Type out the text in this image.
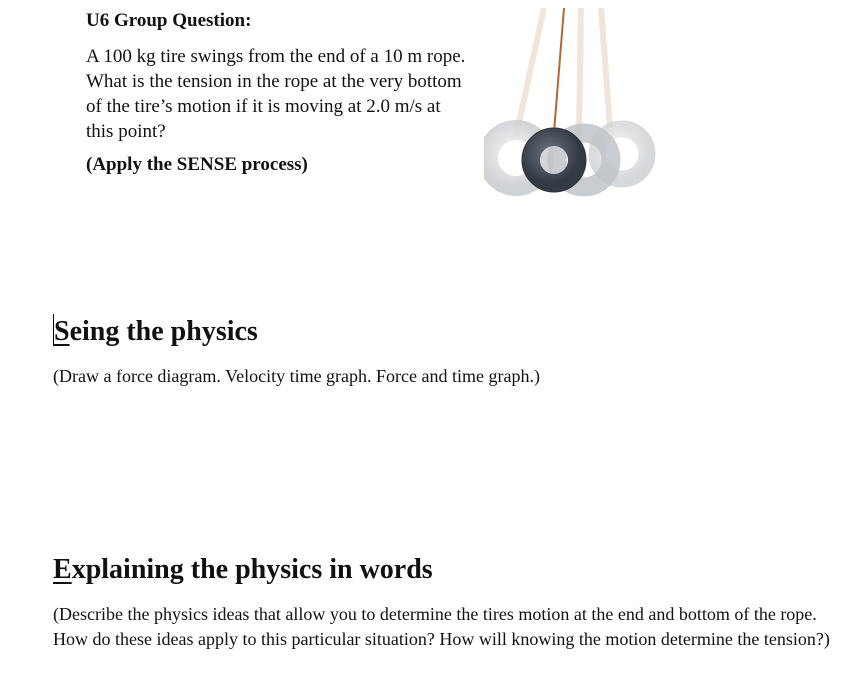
U6 Group Question:

A 100 kg tire swings from the end of a 10 m rope. What is the tension in the rope at the very bottom of the tire’s motion if it is moving at 2.0 m/s at this point?

(Apply the SENSE process)

Seing the physics

(Draw a force diagram. Velocity time graph. Force and time graph.)

Explaining the physics in words

(Describe the physics ideas that allow you to determine the tires motion at the end and bottom of the rope. How do these ideas apply to this particular situation? How will knowing the motion determine the tension?)
